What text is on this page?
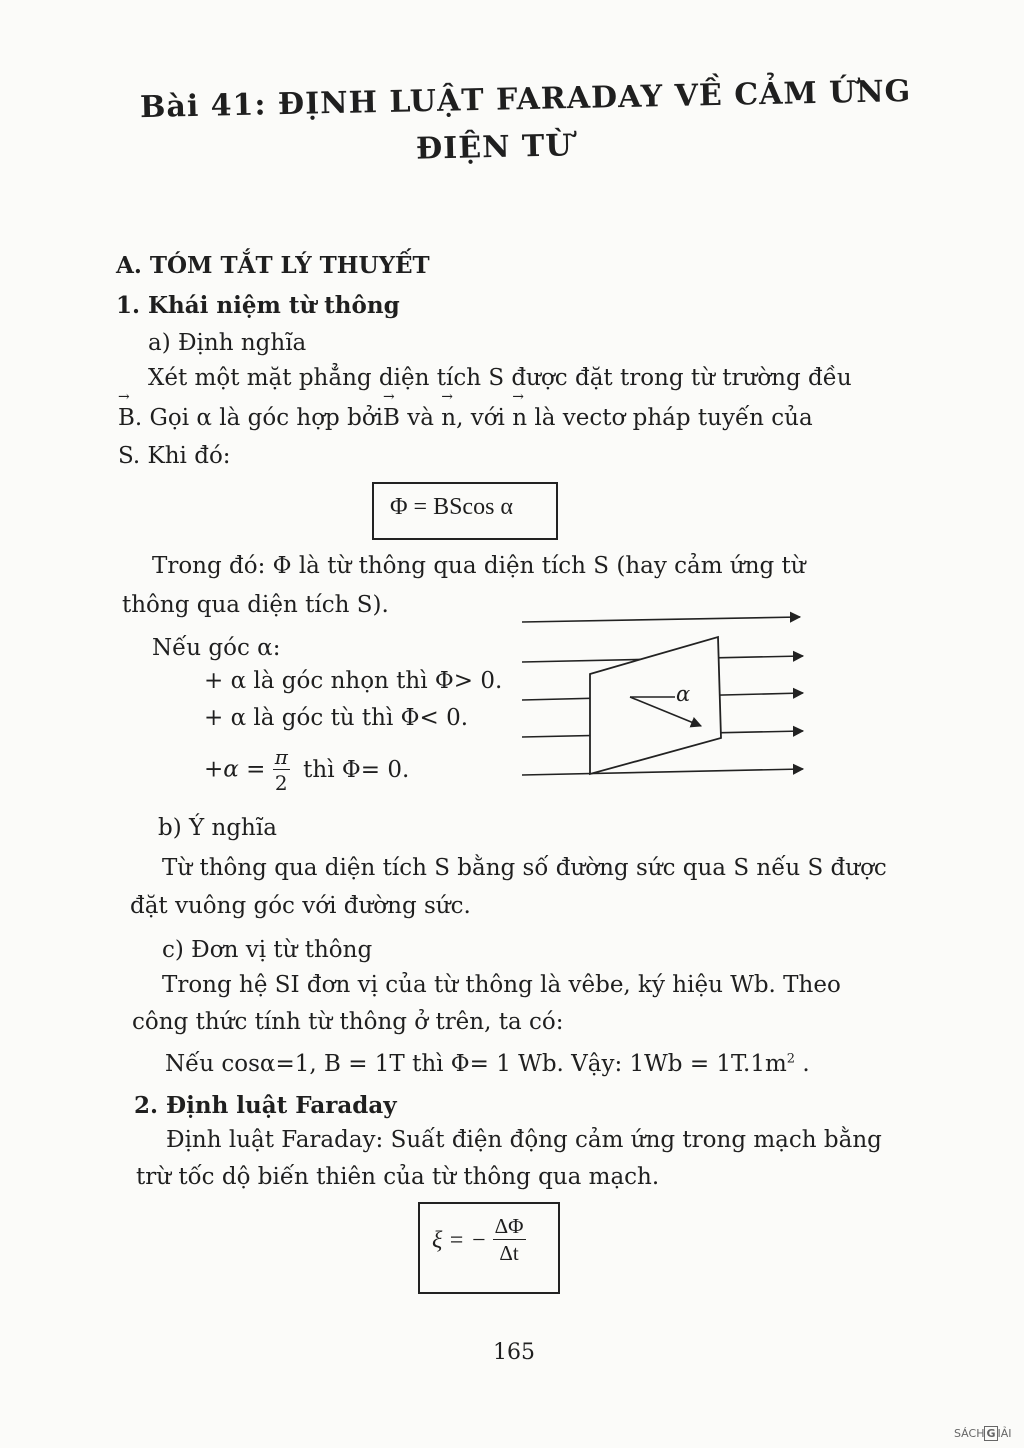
Bài 41: ĐỊNH LUẬT FARADAY VỀ CẢM ỨNG
ĐIỆN TỪ
A. TÓM TẮT LÝ THUYẾT
1. Khái niệm từ thông
a) Định nghĩa
Xét một mặt phẳng diện tích S được đặt trong từ trường đều
→ B. Gọi α là góc hợp bởi→ B và → n, với → n là vectơ pháp tuyến của
S. Khi đó:
Φ = BScos α
Trong đó: Φ là từ thông qua diện tích S (hay cảm ứng từ
thông qua diện tích S).
Nếu góc α:
+ α là góc nhọn thì Φ> 0.
+ α là góc tù thì Φ< 0.
$+\alpha = \frac{\pi}{2}$ thì Φ= 0.
α
b) Ý nghĩa
Từ thông qua diện tích S bằng số đường sức qua S nếu S được
đặt vuông góc với đường sức.
c) Đơn vị từ thông
Trong hệ SI đơn vị của từ thông là vêbe, ký hiệu Wb. Theo
công thức tính từ thông ở trên, ta có:
Nếu cosα=1, B = 1T thì Φ= 1 Wb. Vậy: $1Wb = 1T.1m^2$ .
2. Định luật Faraday
Định luật Faraday: Suất điện động cảm ứng trong mạch bằng
trừ tốc dộ biến thiên của từ thông qua mạch.
ξ = − $\frac{\Delta\Phi}{\Delta t}$
165
SÁCH G IẢI
